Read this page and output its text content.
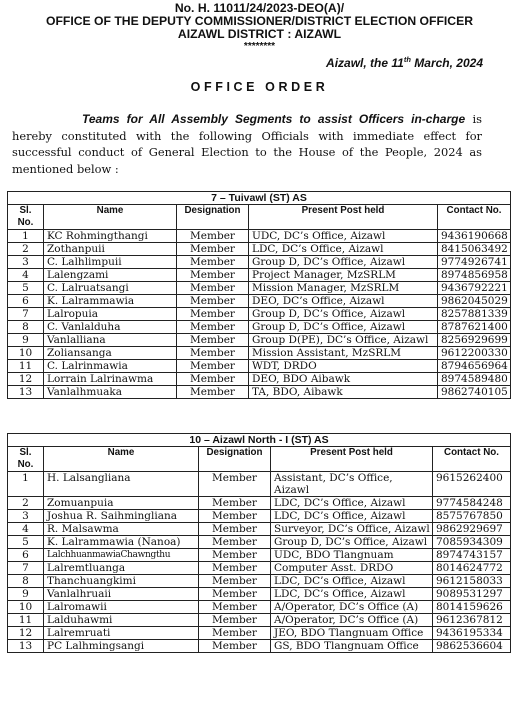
No. H. 11011/24/2023-DEO(A)/
OFFICE OF THE DEPUTY COMMISSIONER/DISTRICT ELECTION OFFICER
AIZAWL DISTRICT : AIZAWL
********
Aizawl, the 11th March, 2024
OFFICE ORDER
Teams for All Assembly Segments to assist Officers in-charge is
hereby constituted with the following Officials with immediate effect for
successful conduct of General Election to the House of the People, 2024 as
mentioned below :
7 – Tuivawl (ST) AS				
Sl. No.	Name	Designation	Present Post held	Contact No.
1	KC Rohmingthangi	Member	UDC, DC’s Office, Aizawl	9436190668
2	Zothanpuii	Member	LDC, DC’s Office, Aizawl	8415063492
3	C. Lalhlimpuii	Member	Group D, DC’s Office, Aizawl	9774926741
4	Lalengzami	Member	Project Manager, MzSRLM	8974856958
5	C. Lalruatsangi	Member	Mission Manager, MzSRLM	9436792221
6	K. Lalrammawia	Member	DEO, DC’s Office, Aizawl	9862045029
7	Lalropuia	Member	Group D, DC’s Office, Aizawl	8257881339
8	C. Vanlalduha	Member	Group D, DC’s Office, Aizawl	8787621400
9	Vanlalliana	Member	Group D(PE), DC’s Office, Aizawl	8256929699
10	Zoliansanga	Member	Mission Assistant, MzSRLM	9612200330
11	C. Lalrinmawia	Member	WDT, DRDO	8794656964
12	Lorrain Lalrinawma	Member	DEO, BDO Aibawk	8974589480
13	Vanlalhmuaka	Member	TA, BDO, Aibawk	9862740105
10 – Aizawl North - I (ST) AS				
Sl. No.	Name	Designation	Present Post held	Contact No.
1	H. Lalsangliana	Member	Assistant, DC’s Office, Aizawl	9615262400
2	Zomuanpuia	Member	LDC, DC’s Office, Aizawl	9774584248
3	Joshua R. Saihmingliana	Member	LDC, DC’s Office, Aizawl	8575767850
4	R. Malsawma	Member	Surveyor, DC’s Office, Aizawl	9862929697
5	K. Lalrammawia (Nanoa)	Member	Group D, DC’s Office, Aizawl	7085934309
6	LalchhuanmawiaChawngthu	Member	UDC, BDO Tlangnuam	8974743157
7	Lalremtluanga	Member	Computer Asst. DRDO	8014624772
8	Thanchuangkimi	Member	LDC, DC’s Office, Aizawl	9612158033
9	Vanlalhruaii	Member	LDC, DC’s Office, Aizawl	9089531297
10	Lalromawii	Member	A/Operator, DC’s Office (A)	8014159626
11	Lalduhawmi	Member	A/Operator, DC’s Office (A)	9612367812
12	Lalremruati	Member	JEO, BDO Tlangnuam Office	9436195334
13	PC Lalhmingsangi	Member	GS, BDO Tlangnuam Office	9862536604
